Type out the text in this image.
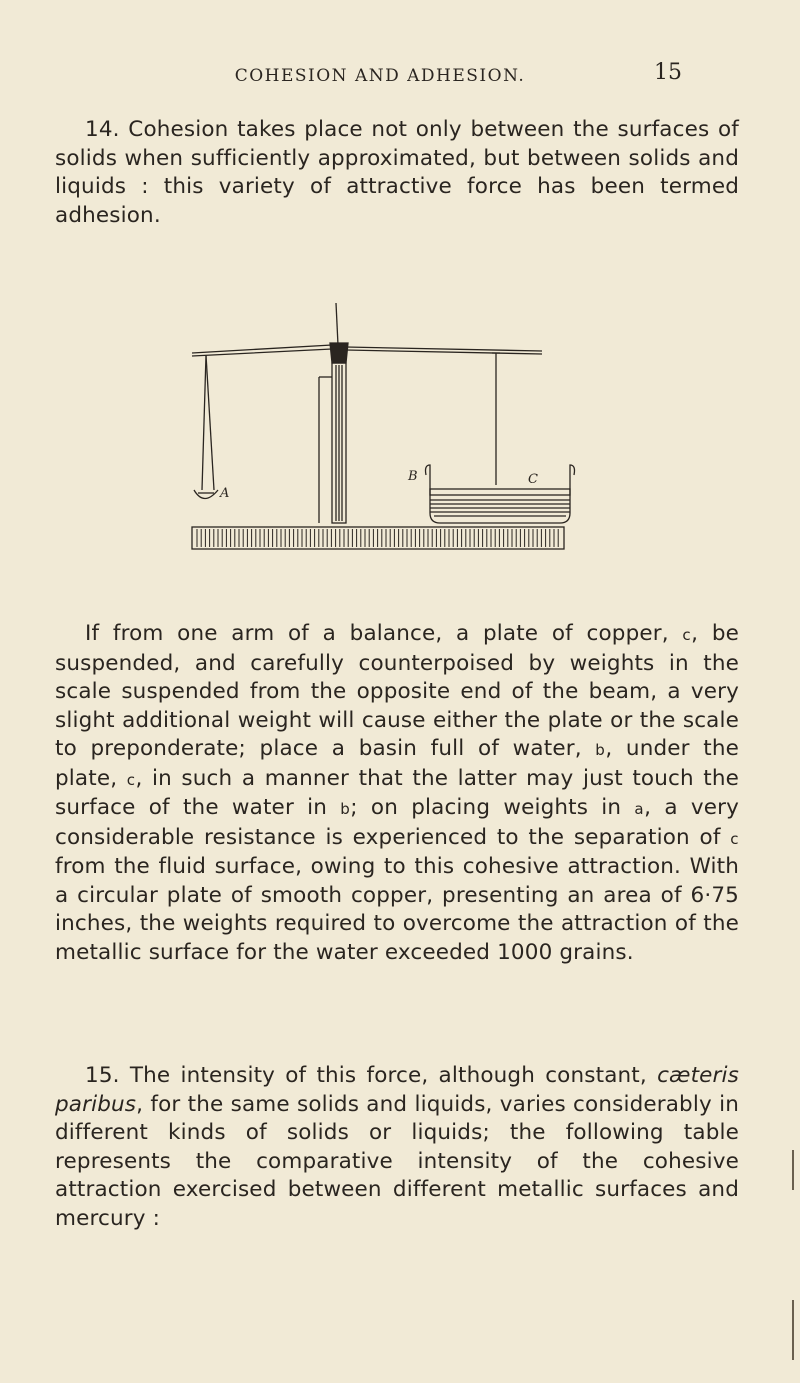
COHESION AND ADHESION.	15

14. Cohesion takes place not only between the surfaces of solids when sufficiently approximated, but between solids and liquids : this variety of attractive force has been termed adhesion.

A
B	C

If from one arm of a balance, a plate of copper, c, be suspended, and carefully counterpoised by weights in the scale suspended from the opposite end of the beam, a very slight additional weight will cause either the plate or the scale to preponderate; place a basin full of water, b, under the plate, c, in such a manner that the latter may just touch the surface of the water in b; on placing weights in a, a very considerable resistance is experienced to the separation of c from the fluid surface, owing to this cohesive attraction. With a circular plate of smooth copper, presenting an area of 6·75 inches, the weights required to overcome the attraction of the metallic surface for the water exceeded 1000 grains.

15. The intensity of this force, although constant, cæteris paribus, for the same solids and liquids, varies considerably in different kinds of solids or liquids; the following table represents the comparative intensity of the cohesive attraction exercised between different metallic surfaces and mercury :
